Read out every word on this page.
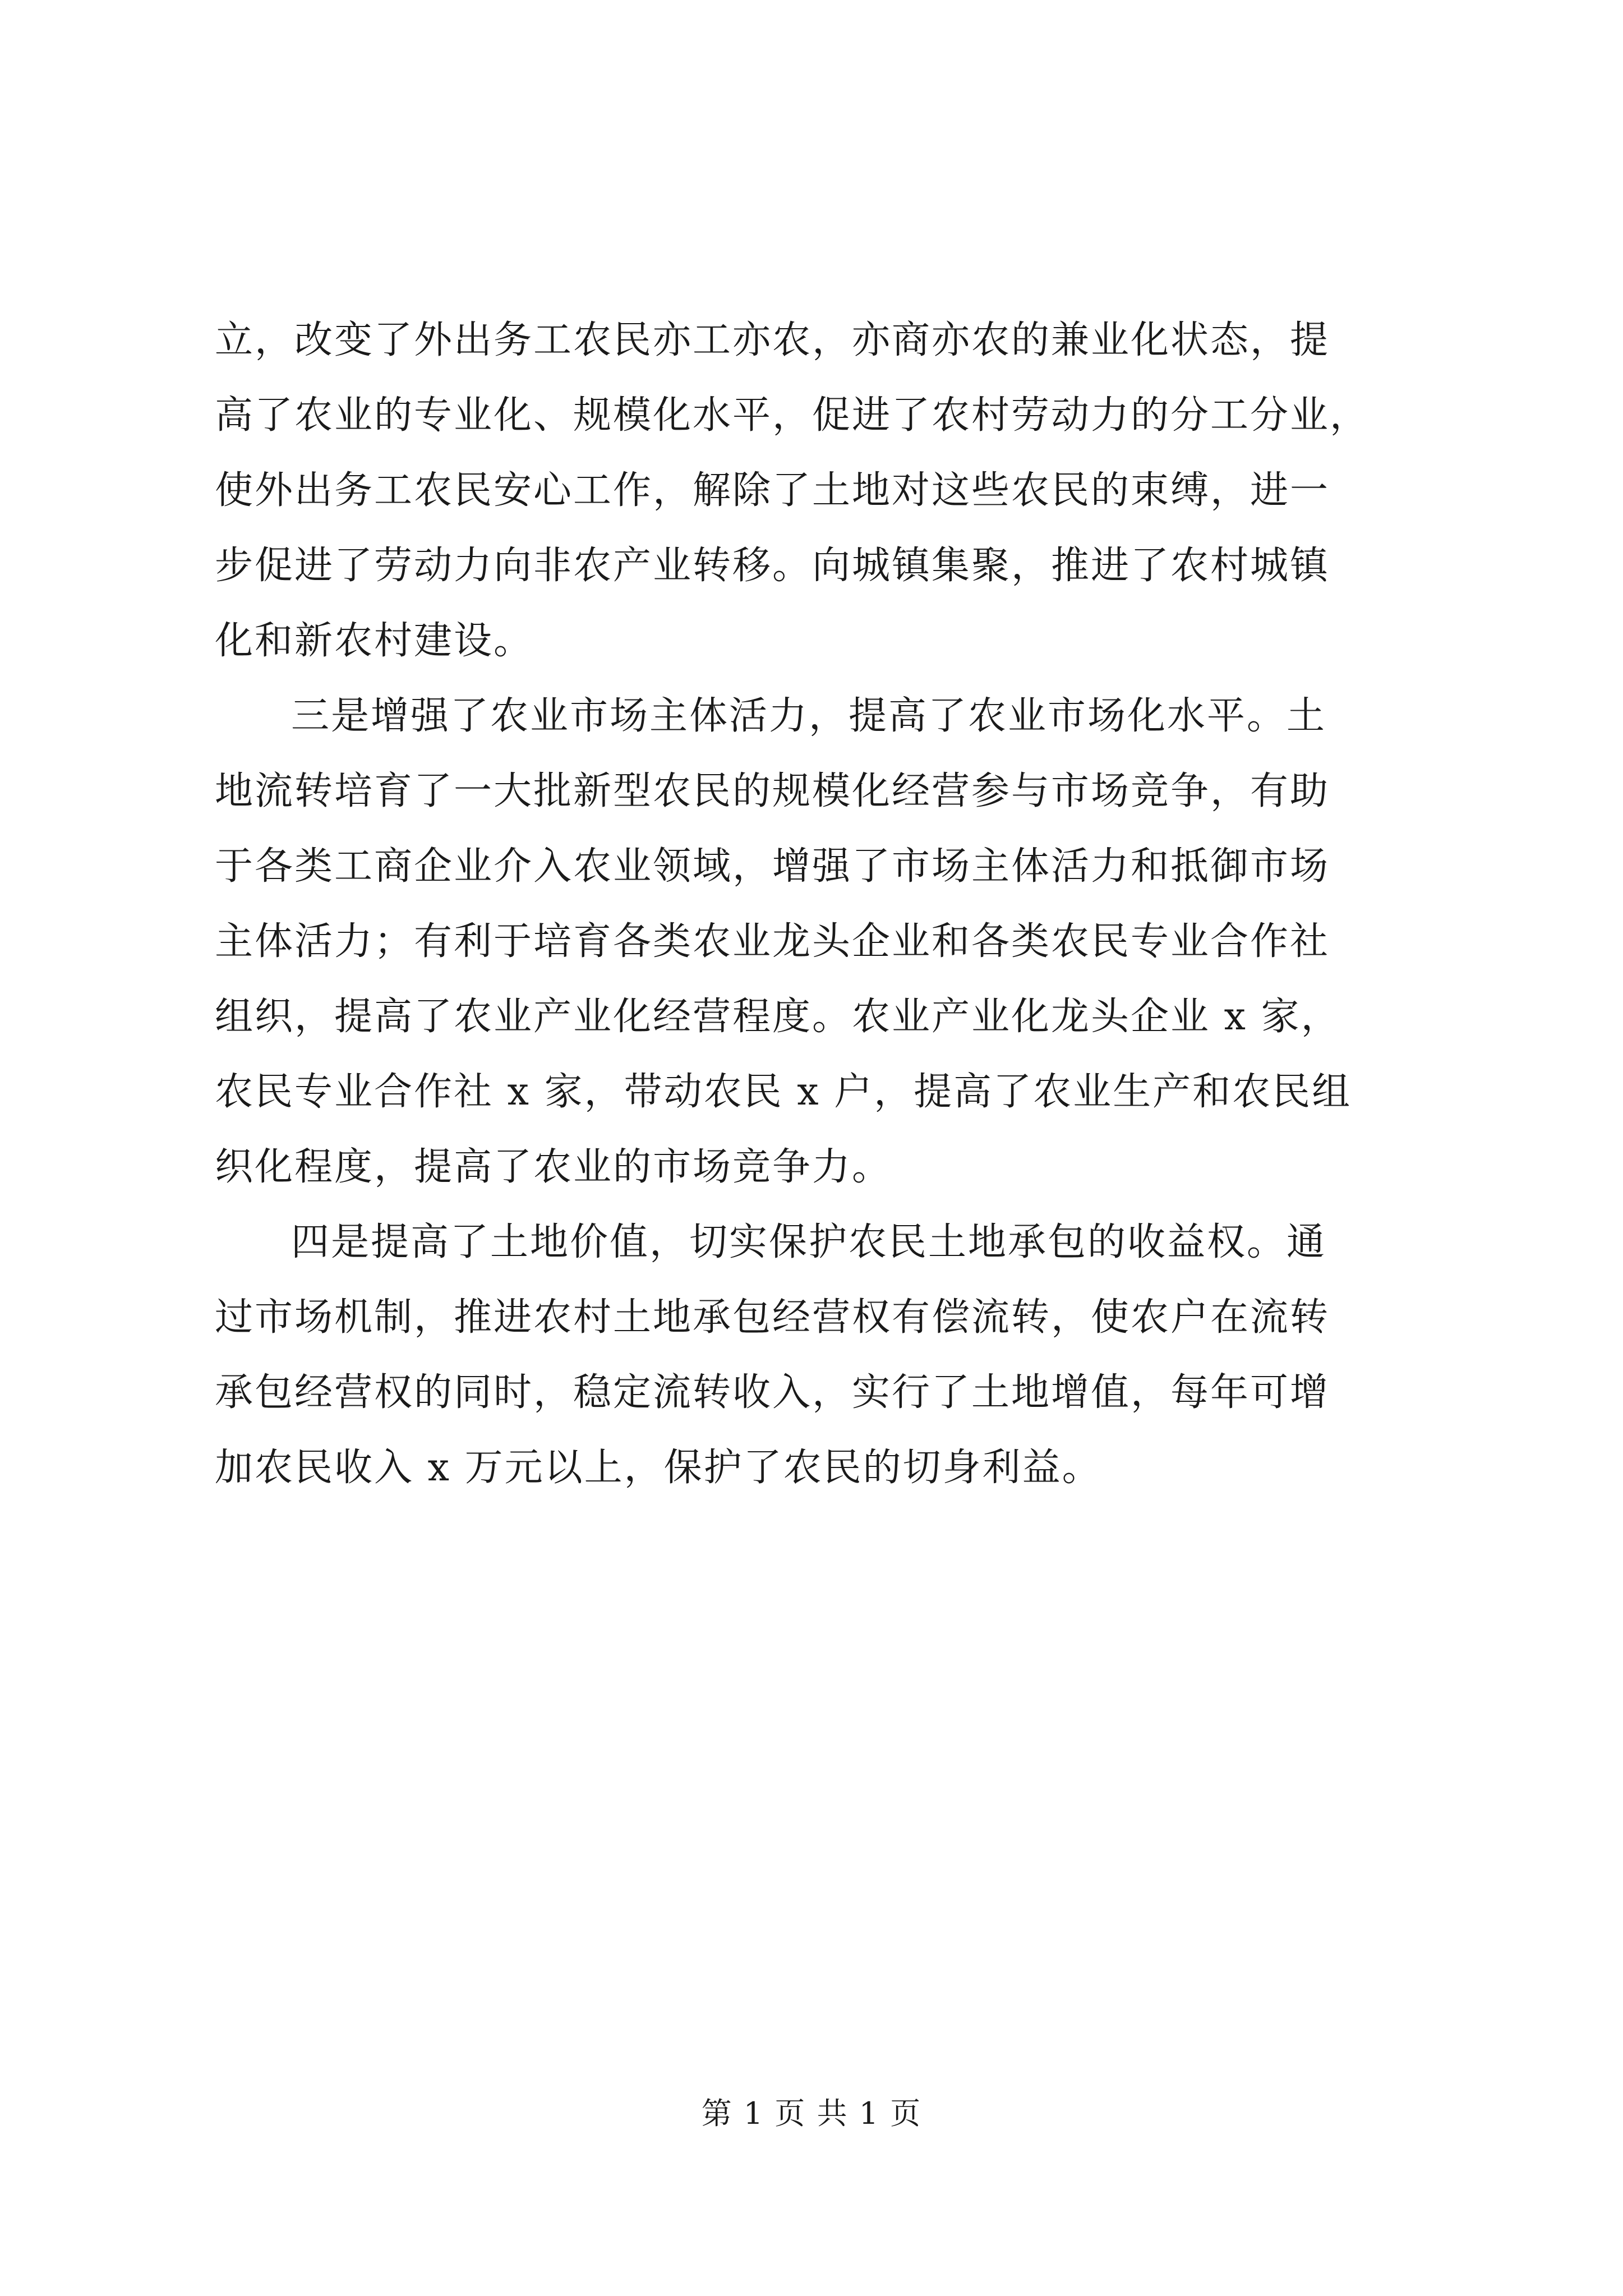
立，改变了外出务工农民亦工亦农，亦商亦农的兼业化状态，提
高了农业的专业化、规模化水平，促进了农村劳动力的分工分业，
使外出务工农民安心工作，解除了土地对这些农民的束缚，进一
步促进了劳动力向非农产业转移。向城镇集聚，推进了农村城镇
化和新农村建设。

三是增强了农业市场主体活力，提高了农业市场化水平。土
地流转培育了一大批新型农民的规模化经营参与市场竞争，有助
于各类工商企业介入农业领域，增强了市场主体活力和抵御市场
主体活力；有利于培育各类农业龙头企业和各类农民专业合作社
组织，提高了农业产业化经营程度。农业产业化龙头企业 x 家，
农民专业合作社 x 家，带动农民 x 户，提高了农业生产和农民组
织化程度，提高了农业的市场竞争力。

四是提高了土地价值，切实保护农民土地承包的收益权。通
过市场机制，推进农村土地承包经营权有偿流转，使农户在流转
承包经营权的同时，稳定流转收入，实行了土地增值，每年可增
加农民收入 x 万元以上，保护了农民的切身利益。

第 1 页 共 1 页
